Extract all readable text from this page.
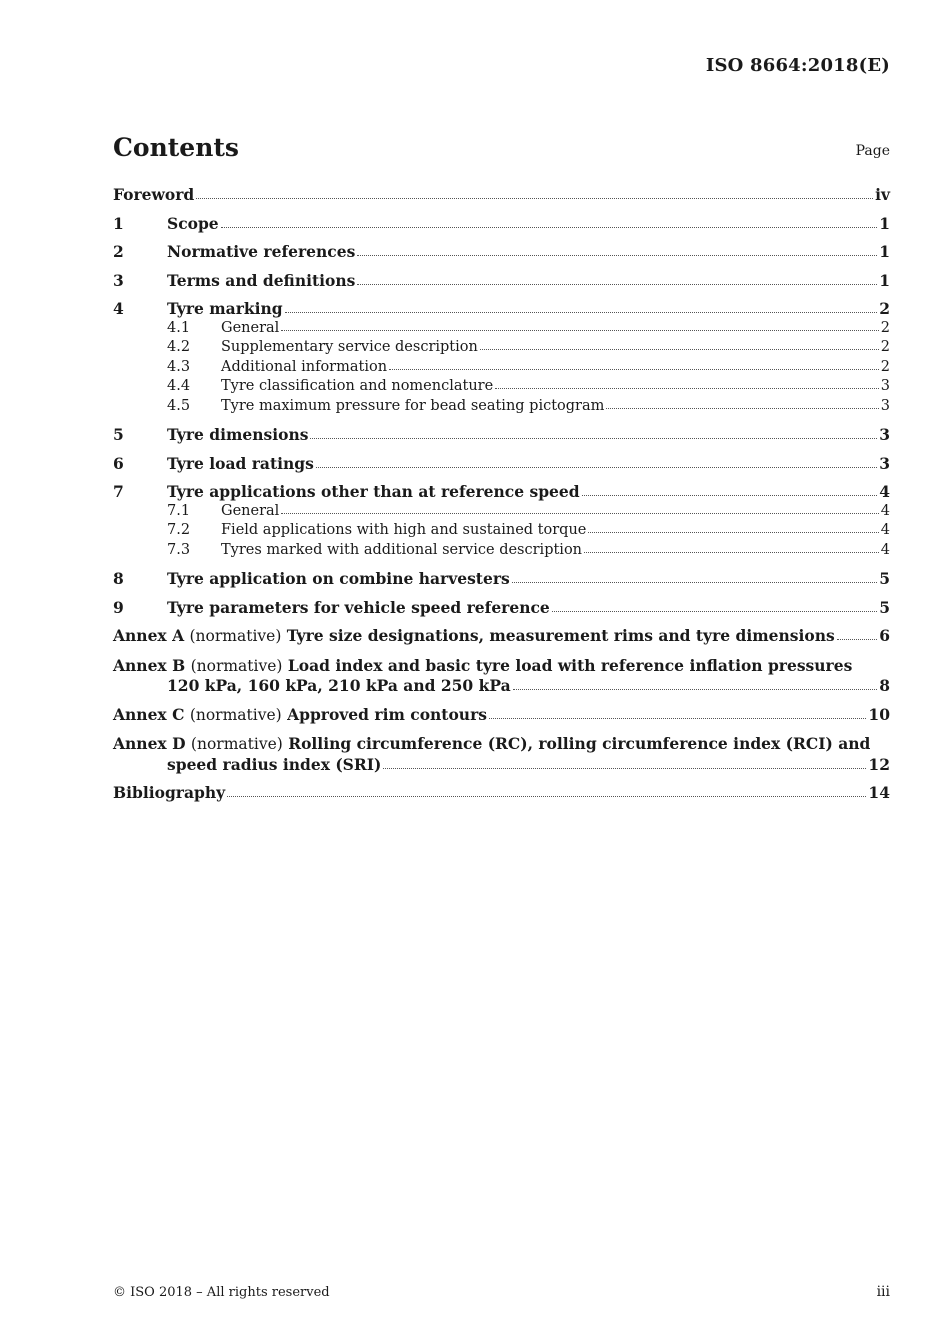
ISO 8664:2018(E)
Contents	Page
Foreword	iv
1	Scope	1
2	Normative references	1
3	Terms and definitions	1
4	Tyre marking	2
4.1	General	2
4.2	Supplementary service description	2
4.3	Additional information	2
4.4	Tyre classification and nomenclature	3
4.5	Tyre maximum pressure for bead seating pictogram	3
5	Tyre dimensions	3
6	Tyre load ratings	3
7	Tyre applications other than at reference speed	4
7.1	General	4
7.2	Field applications with high and sustained torque	4
7.3	Tyres marked with additional service description	4
8	Tyre application on combine harvesters	5
9	Tyre parameters for vehicle speed reference	5
Annex A (normative) Tyre size designations, measurement rims and tyre dimensions	6
Annex B (normative) Load index and basic tyre load with reference inflation pressures
120 kPa, 160 kPa, 210 kPa and 250 kPa	8
Annex C (normative) Approved rim contours	10
Annex D (normative) Rolling circumference (RC), rolling circumference index (RCI) and
speed radius index (SRI)	12
Bibliography	14
© ISO 2018 – All rights reserved	iii
